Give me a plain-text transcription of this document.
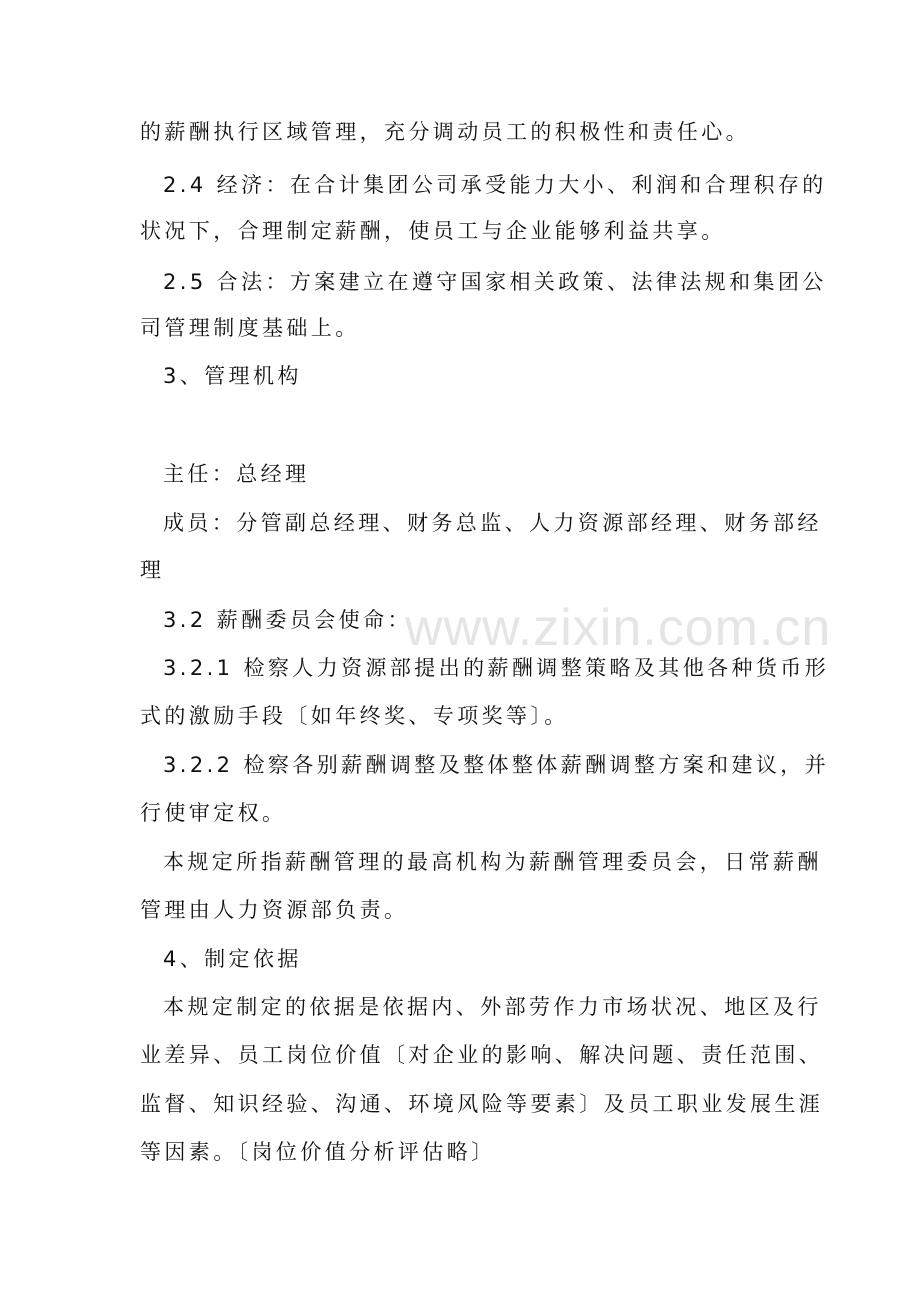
的薪酬执行区域管理，充分调动员工的积极性和责任心。
2.4 经济：在合计集团公司承受能力大小、利润和合理积存的
状况下，合理制定薪酬，使员工与企业能够利益共享。
2.5 合法：方案建立在遵守国家相关政策、法律法规和集团公
司管理制度基础上。
3、管理机构
主任：总经理
成员：分管副总经理、财务总监、人力资源部经理、财务部经
理
3.2 薪酬委员会使命：
3.2.1 检察人力资源部提出的薪酬调整策略及其他各种货币形
式的激励手段〔如年终奖、专项奖等〕。
3.2.2 检察各别薪酬调整及整体整体薪酬调整方案和建议，并
行使审定权。
本规定所指薪酬管理的最高机构为薪酬管理委员会，日常薪酬
管理由人力资源部负责。
4、制定依据
本规定制定的依据是依据内、外部劳作力市场状况、地区及行
业差异、员工岗位价值〔对企业的影响、解决问题、责任范围、
监督、知识经验、沟通、环境风险等要素〕及员工职业发展生涯
等因素。〔岗位价值分析评估略〕
www.zixin.com.cn
